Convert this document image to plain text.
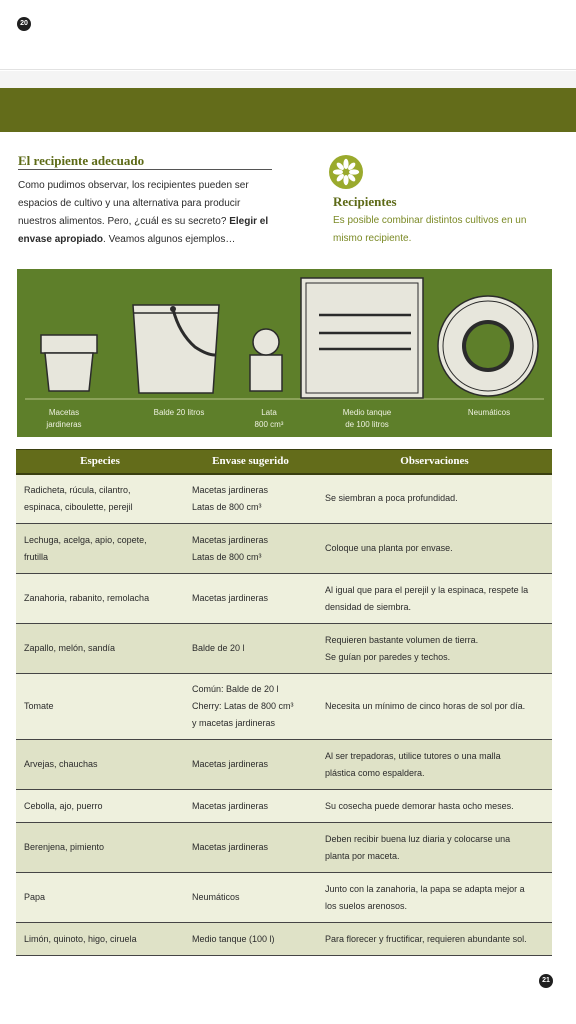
20
El recipiente adecuado

Como pudimos observar, los recipientes pueden ser espacios de cultivo y una alternativa para producir nuestros alimentos. Pero, ¿cuál es su secreto? Elegir el envase apropiado. Veamos algunos ejemplos…

Recipientes

Es posible combinar distintos cultivos en un mismo recipiente.

Macetas
jardineras
Balde 20 litros	Lata
800 cm³
Medio tanque
de 100 litros
Neumáticos
Especies	Envase sugerido	Observaciones
Radicheta, rúcula, cilantro,
espinaca, ciboulette, perejil	Macetas jardineras
Latas de 800 cm³	Se siembran a poca profundidad.
Lechuga, acelga, apio, copete,
frutilla	Macetas jardineras
Latas de 800 cm³	Coloque una planta por envase.
Zanahoria, rabanito, remolacha	Macetas jardineras	Al igual que para el perejil y la espinaca, respete la
densidad de siembra.
Zapallo, melón, sandía	Balde de 20 l	Requieren bastante volumen de tierra.
Se guían por paredes y techos.
Tomate	Común: Balde de 20 l
Cherry: Latas de 800 cm³
y macetas jardineras	Necesita un mínimo de cinco horas de sol por día.
Arvejas, chauchas	Macetas jardineras	Al ser trepadoras, utilice tutores o una malla
plástica como espaldera.
Cebolla, ajo, puerro	Macetas jardineras	Su cosecha puede demorar hasta ocho meses.
Berenjena, pimiento	Macetas jardineras	Deben recibir buena luz diaria y colocarse una
planta por maceta.
Papa	Neumáticos	Junto con la zanahoria, la papa se adapta mejor a
los suelos arenosos.
Limón, quinoto, higo, ciruela	Medio tanque (100 l)	Para florecer y fructificar, requieren abundante sol.
21
